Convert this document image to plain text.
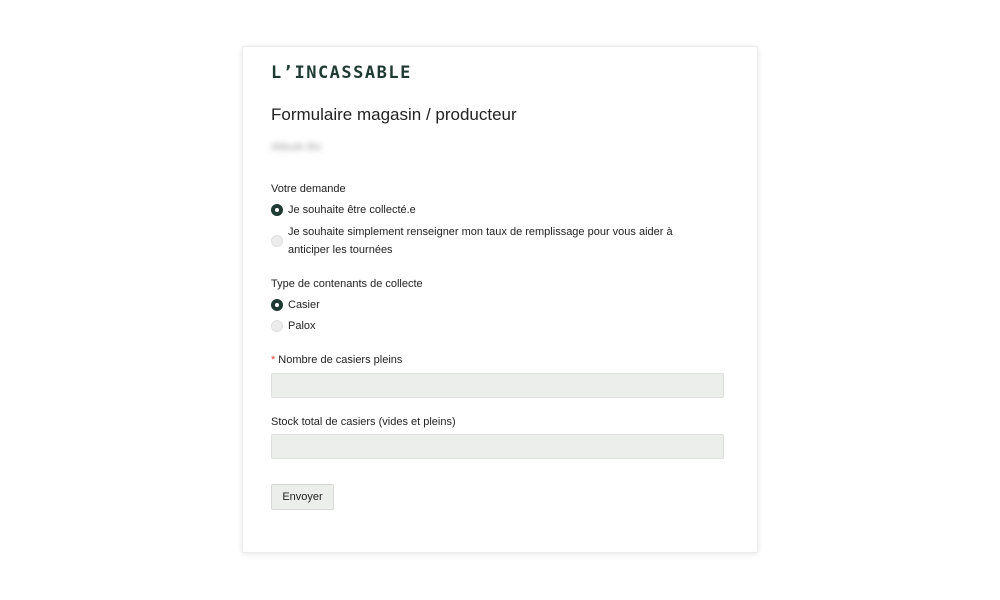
L’INCASSABLE
Formulaire magasin / producteur
Altitude Bio
Votre demande
Je souhaite être collecté.e
Je souhaite simplement renseigner mon taux de remplissage pour vous aider à anticiper les tournées
Type de contenants de collecte
Casier
Palox
* Nombre de casiers pleins
Stock total de casiers (vides et pleins)
Envoyer
